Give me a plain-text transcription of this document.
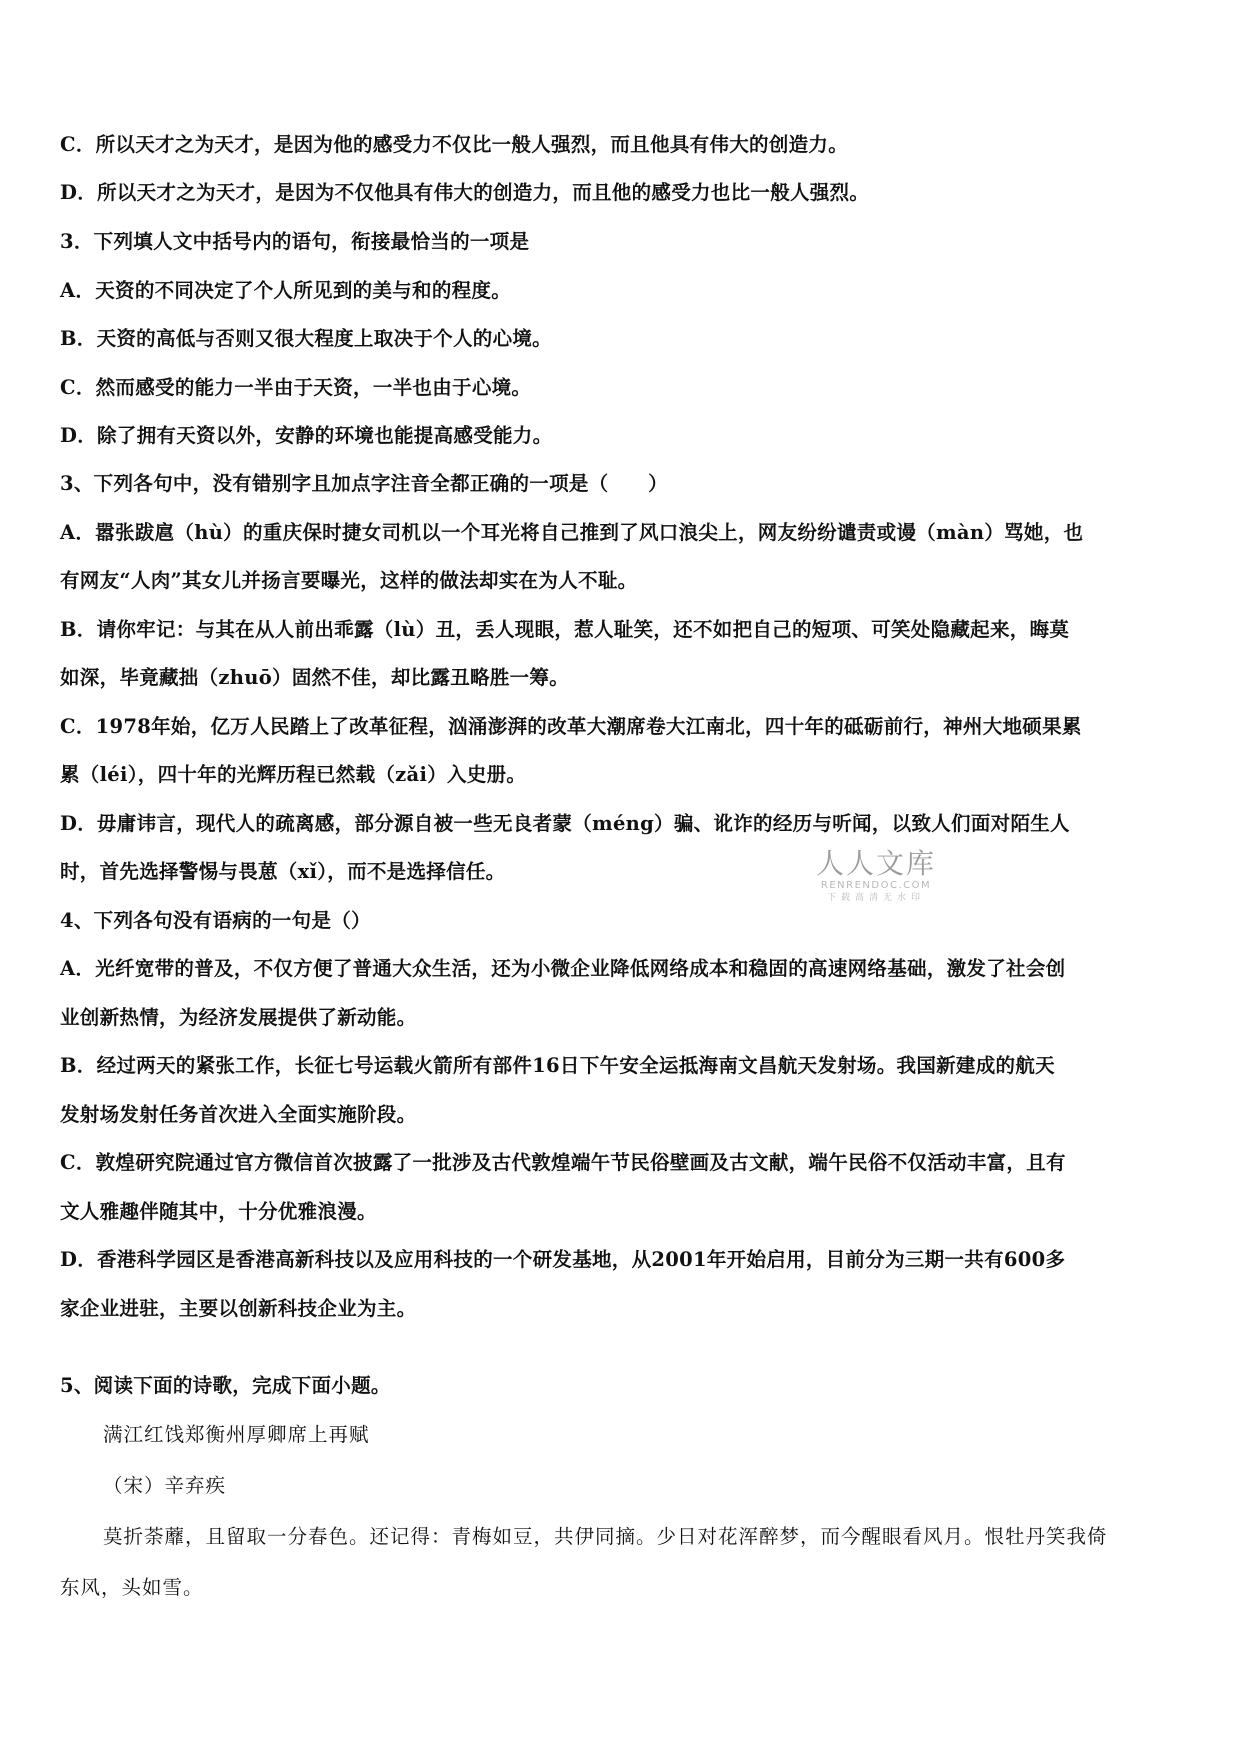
C．所以天才之为天才，是因为他的感受力不仅比一般人强烈，而且他具有伟大的创造力。
D．所以天才之为天才，是因为不仅他具有伟大的创造力，而且他的感受力也比一般人强烈。
3．下列填人文中括号内的语句，衔接最恰当的一项是
A．天资的不同决定了个人所见到的美与和的程度。
B．天资的高低与否则又很大程度上取决于个人的心境。
C．然而感受的能力一半由于天资，一半也由于心境。
D．除了拥有天资以外，安静的环境也能提高感受能力。
3、下列各句中，没有错别字且加点字注音全都正确的一项是（　　）
A．嚣张跋扈（hù）的重庆保时捷女司机以一个耳光将自己推到了风口浪尖上，网友纷纷谴责或谩（màn）骂她，也
有网友“人肉”其女儿并扬言要曝光，这样的做法却实在为人不耻。
B．请你牢记：与其在从人前出乖露（lù）丑，丢人现眼，惹人耻笑，还不如把自己的短项、可笑处隐藏起来，晦莫
如深，毕竟藏拙（zhuō）固然不佳，却比露丑略胜一筹。
C．1978年始，亿万人民踏上了改革征程，汹涌澎湃的改革大潮席卷大江南北，四十年的砥砺前行，神州大地硕果累
累（léi），四十年的光辉历程已然载（zǎi）入史册。
D．毋庸讳言，现代人的疏离感，部分源自被一些无良者蒙（méng）骗、讹诈的经历与听闻，以致人们面对陌生人
时，首先选择警惕与畏葸（xǐ），而不是选择信任。
4、下列各句没有语病的一句是（）
A．光纤宽带的普及，不仅方便了普通大众生活，还为小微企业降低网络成本和稳固的高速网络基础，激发了社会创
业创新热情，为经济发展提供了新动能。
B．经过两天的紧张工作，长征七号运载火箭所有部件16日下午安全运抵海南文昌航天发射场。我国新建成的航天
发射场发射任务首次进入全面实施阶段。
C．敦煌研究院通过官方微信首次披露了一批涉及古代敦煌端午节民俗壁画及古文献，端午民俗不仅活动丰富，且有
文人雅趣伴随其中，十分优雅浪漫。
D．香港科学园区是香港高新科技以及应用科技的一个研发基地，从2001年开始启用，目前分为三期一共有600多
家企业进驻，主要以创新科技企业为主。
5、阅读下面的诗歌，完成下面小题。
满江红饯郑衡州厚卿席上再赋
（宋）辛弃疾
莫折荼蘼，且留取一分春色。还记得：青梅如豆，共伊同摘。少日对花浑醉梦，而今醒眼看风月。恨牡丹笑我倚
东风，头如雪。
人人文库
RENRENDOC.COM
下载高清无水印
